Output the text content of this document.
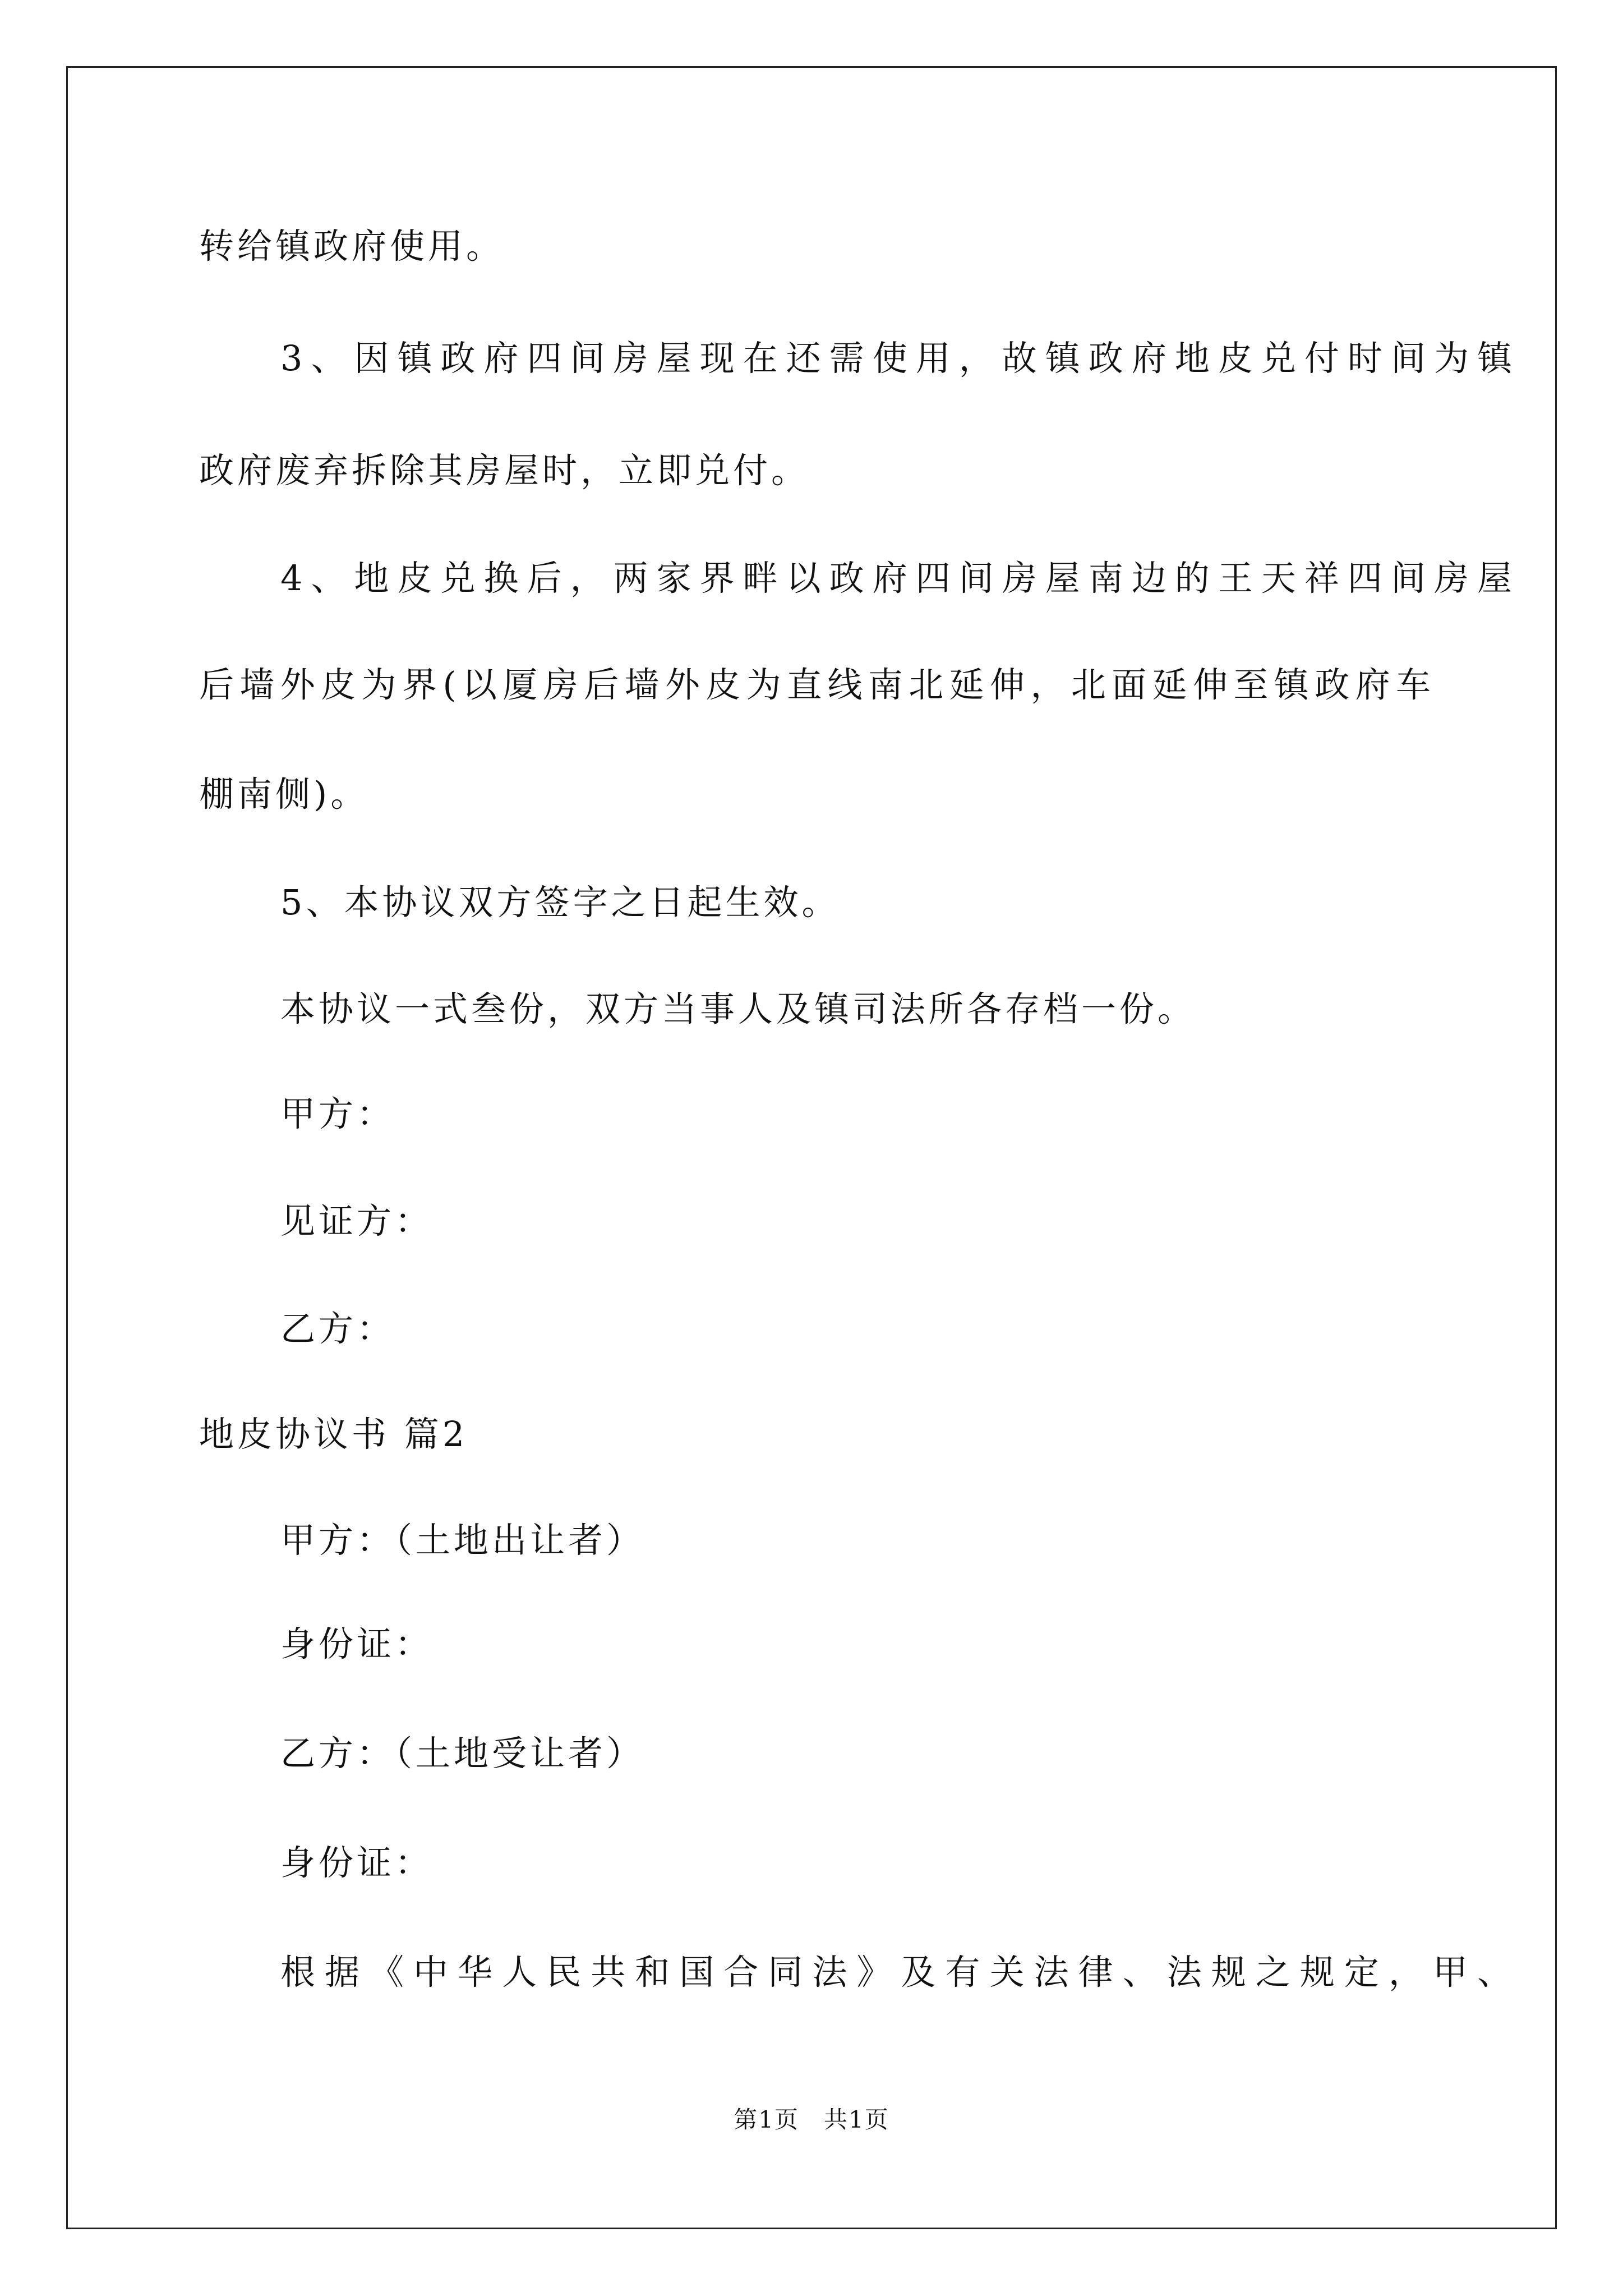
转给镇政府使用。
3、因镇政府四间房屋现在还需使用，故镇政府地皮兑付时间为镇
政府废弃拆除其房屋时，立即兑付。
4、地皮兑换后，两家界畔以政府四间房屋南边的王天祥四间房屋
后墙外皮为界(以厦房后墙外皮为直线南北延伸，北面延伸至镇政府车
棚南侧)。
5、本协议双方签字之日起生效。
本协议一式叁份，双方当事人及镇司法所各存档一份。
甲方：
见证方：
乙方：
地皮协议书 篇2
甲方：（土地出让者）
身份证：
乙方：（土地受让者）
身份证：
根据《中华人民共和国合同法》及有关法律、法规之规定，甲、
第1页　共1页
